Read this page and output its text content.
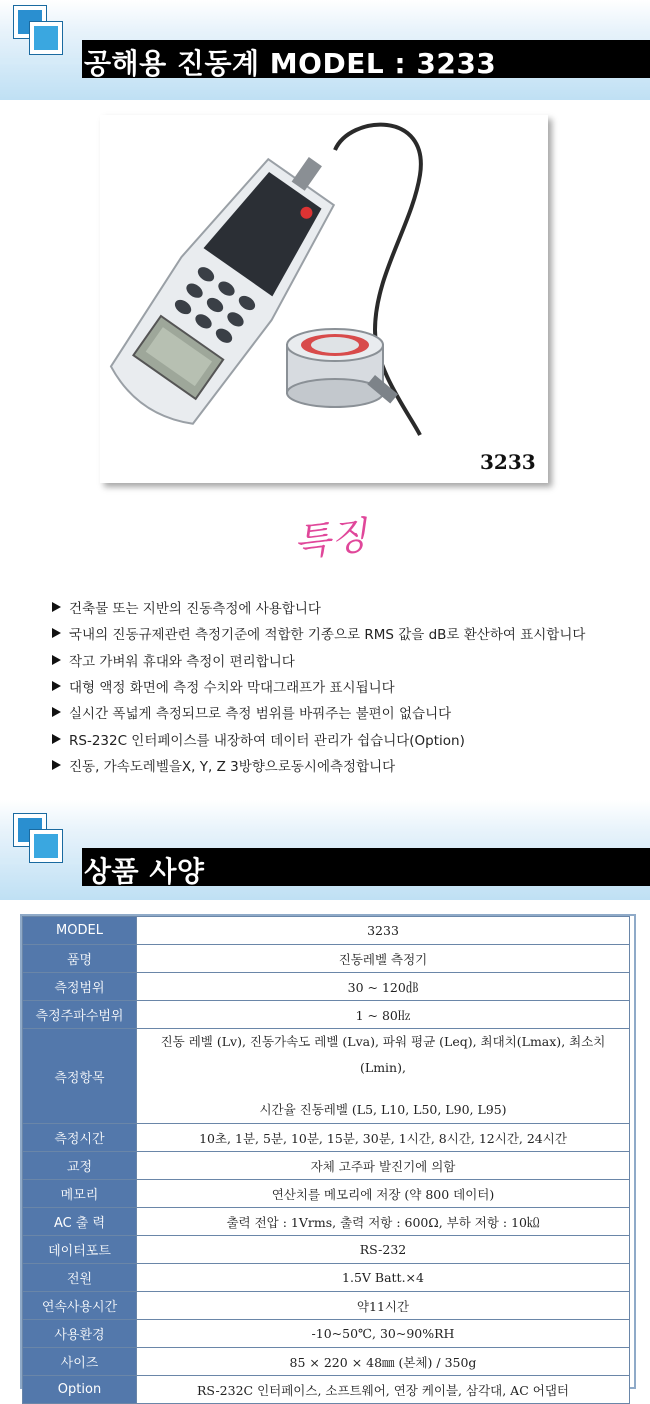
공해용 진동계 MODEL : 3233
3233
특징
건축물 또는 지반의 진동측정에 사용합니다
국내의 진동규제관련 측정기준에 적합한 기종으로 RMS 값을 dB로 환산하여 표시합니다
작고 가벼워 휴대와 측정이 편리합니다
대형 액정 화면에 측정 수치와 막대그래프가 표시됩니다
실시간 폭넓게 측정되므로 측정 범위를 바꿔주는 불편이 없습니다
RS-232C 인터페이스를 내장하여 데이터 관리가 쉽습니다(Option)
진동, 가속도레벨을X, Y, Z 3방향으로동시에측정합니다
상품 사양
MODEL	3233
품명	진동레벨 측정기
측정범위	30 ~ 120㏈
측정주파수범위	1 ~ 80㎐
측정항목	진동 레벨 (Lv), 진동가속도 레벨 (Lva), 파워 평균 (Leq), 최대치(Lmax), 최소치(Lmin),
시간율 진동레벨 (L5, L10, L50, L90, L95)

측정시간	10초, 1분, 5분, 10분, 15분, 30분, 1시간, 8시간, 12시간, 24시간
교정	자체 고주파 발진기에 의함
메모리	연산치를 메모리에 저장 (약 800 데이터)
AC 출 력	출력 전압 : 1Vrms, 출력 저항 : 600Ω, 부하 저항 : 10㏀
데이터포트	RS-232
전원	1.5V Batt.×4
연속사용시간	약11시간
사용환경	-10~50℃, 30~90%RH
사이즈	85 × 220 × 48㎜ (본체) / 350g
Option	RS-232C 인터페이스, 소프트웨어, 연장 케이블, 삼각대, AC 어댑터
